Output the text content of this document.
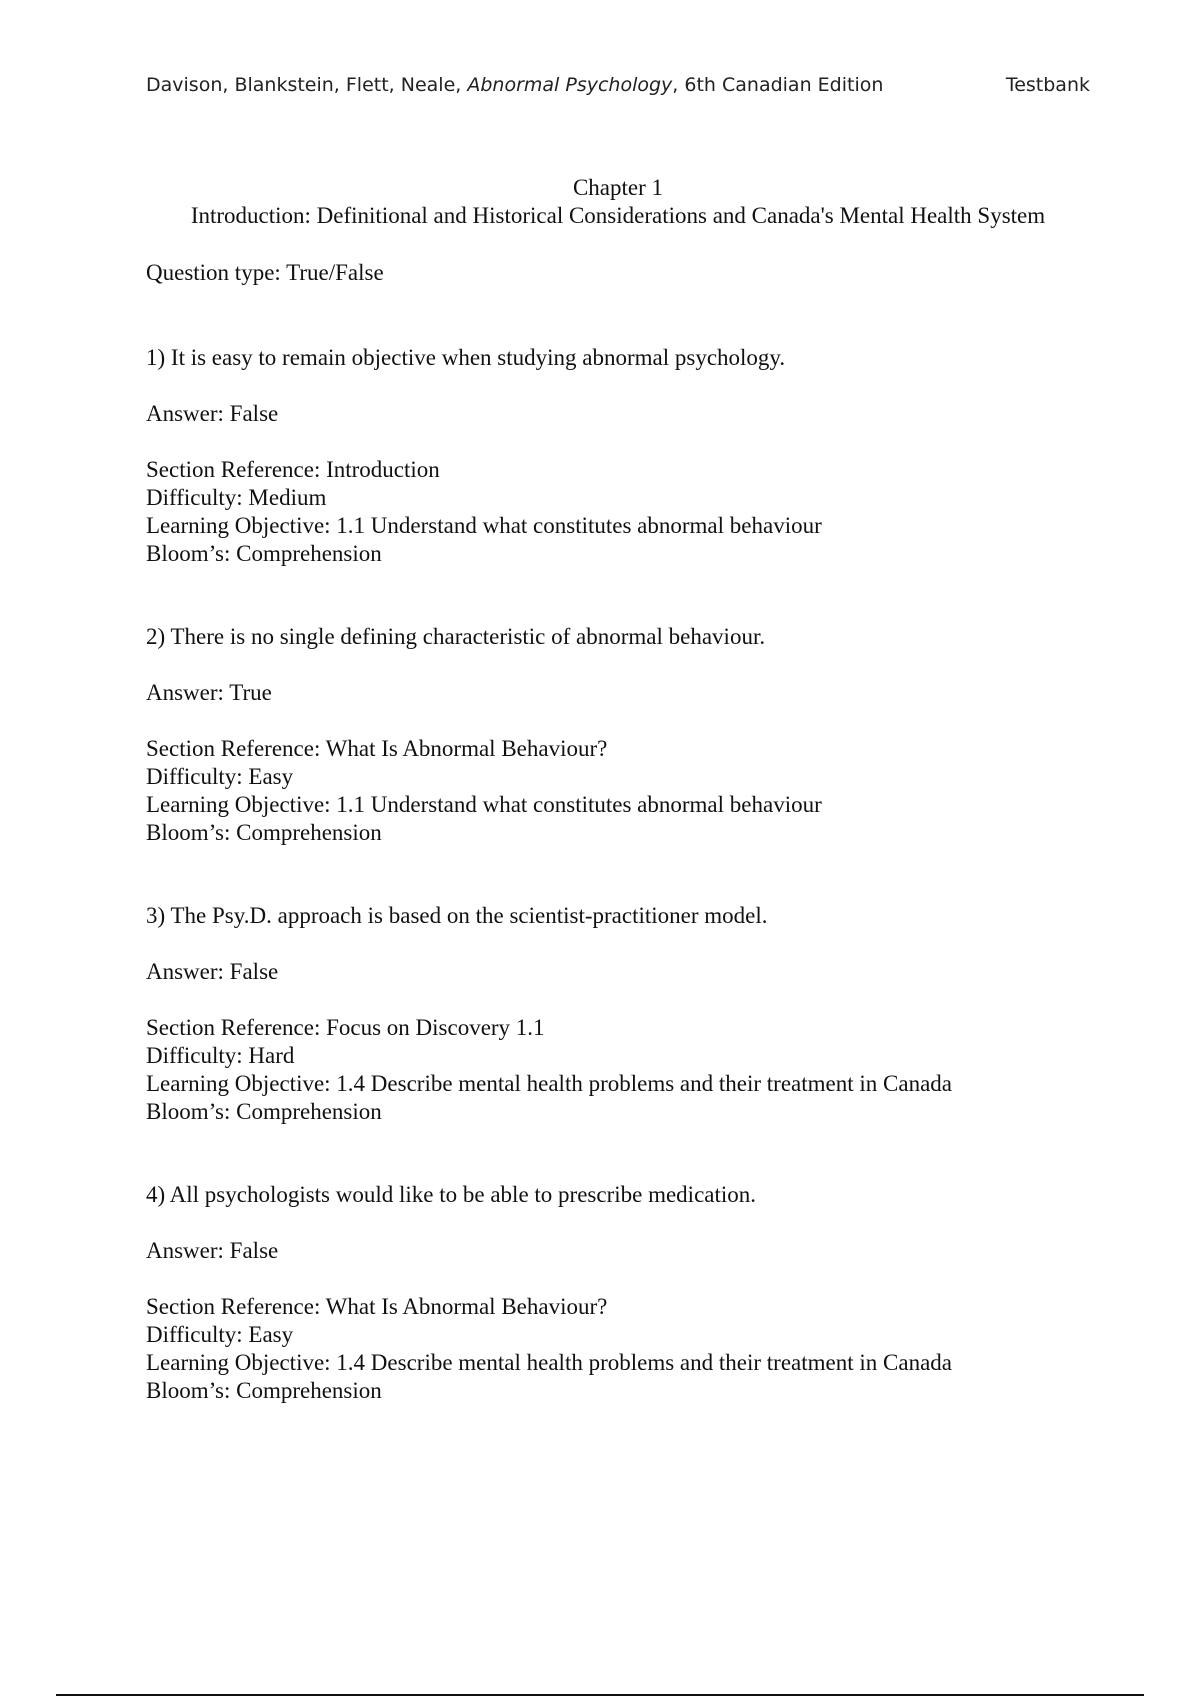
Davison, Blankstein, Flett, Neale, Abnormal Psychology, 6th Canadian Edition	Testbank
Chapter 1
Introduction: Definitional and Historical Considerations and Canada's Mental Health System
Question type: True/False

1) It is easy to remain objective when studying abnormal psychology.

Answer: False

Section Reference: Introduction
Difficulty: Medium
Learning Objective: 1.1 Understand what constitutes abnormal behaviour
Bloom’s: Comprehension

2) There is no single defining characteristic of abnormal behaviour.

Answer: True

Section Reference: What Is Abnormal Behaviour?
Difficulty: Easy
Learning Objective: 1.1 Understand what constitutes abnormal behaviour
Bloom’s: Comprehension

3) The Psy.D. approach is based on the scientist-practitioner model.

Answer: False

Section Reference: Focus on Discovery 1.1
Difficulty: Hard
Learning Objective: 1.4 Describe mental health problems and their treatment in Canada
Bloom’s: Comprehension

4) All psychologists would like to be able to prescribe medication.

Answer: False

Section Reference: What Is Abnormal Behaviour?
Difficulty: Easy
Learning Objective: 1.4 Describe mental health problems and their treatment in Canada
Bloom’s: Comprehension
